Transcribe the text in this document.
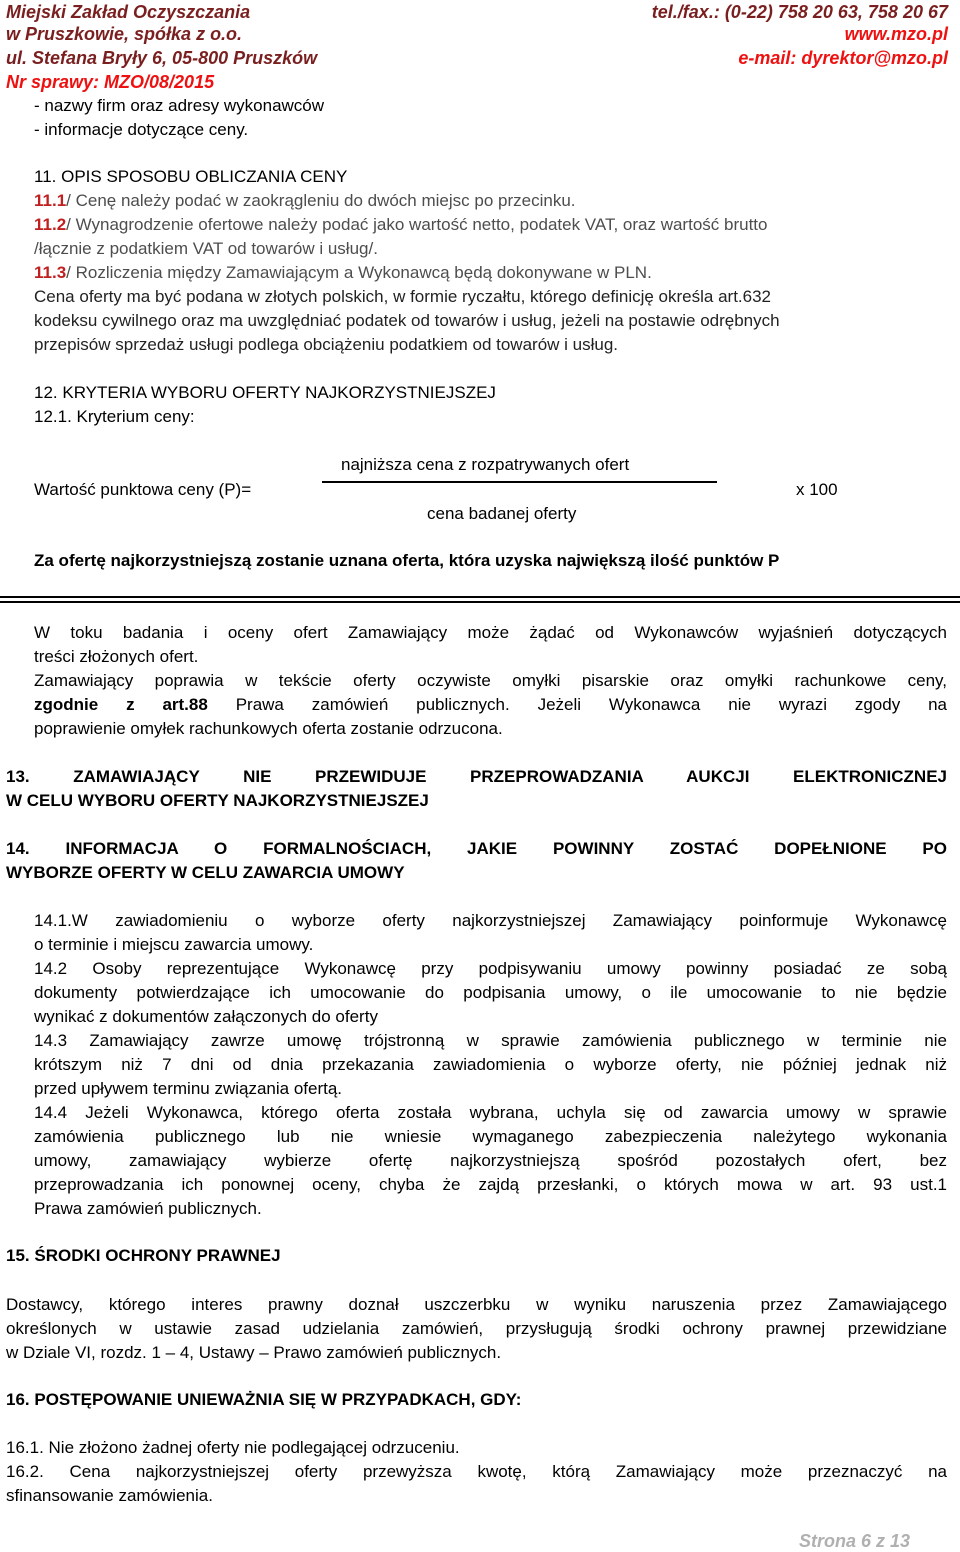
Miejski Zakład Oczyszczania
w Pruszkowie, spółka z o.o.
ul. Stefana Bryły 6, 05-800 Pruszków
Nr sprawy: MZO/08/2015
tel./fax.: (0-22) 758 20 63, 758 20 67
www.mzo.pl
e-mail: dyrektor@mzo.pl
- nazwy firm oraz adresy wykonawców
- informacje dotyczące ceny.
11. OPIS SPOSOBU OBLICZANIA CENY
11.1/ Cenę należy podać w zaokrągleniu do dwóch miejsc po przecinku.
11.2/ Wynagrodzenie ofertowe należy podać jako wartość netto, podatek VAT, oraz wartość brutto
/łącznie z podatkiem VAT od towarów i usług/.
11.3/ Rozliczenia między Zamawiającym a Wykonawcą będą dokonywane w PLN.
Cena oferty ma być podana w złotych polskich, w formie ryczałtu, którego definicję określa art.632
kodeksu cywilnego oraz ma uwzględniać podatek od towarów i usług, jeżeli na postawie odrębnych
przepisów sprzedaż usługi podlega obciążeniu podatkiem od towarów i usług.
12. KRYTERIA WYBORU OFERTY NAJKORZYSTNIEJSZEJ
12.1. Kryterium ceny:
najniższa cena z rozpatrywanych ofert
Wartość punktowa ceny (P)=	x 100
cena badanej oferty
Za ofertę najkorzystniejszą zostanie uznana oferta, która uzyska największą ilość punktów P
W toku badania i oceny ofert Zamawiający może żądać od Wykonawców wyjaśnień dotyczących
treści złożonych ofert.
Zamawiający poprawia w tekście oferty oczywiste omyłki pisarskie oraz omyłki rachunkowe ceny,
zgodnie z art.88 Prawa zamówień publicznych. Jeżeli Wykonawca nie wyrazi zgody na
poprawienie omyłek rachunkowych oferta zostanie odrzucona.
13. ZAMAWIAJĄCY NIE PRZEWIDUJE PRZEPROWADZANIA AUKCJI ELEKTRONICZNEJ
W CELU WYBORU OFERTY NAJKORZYSTNIEJSZEJ
14. INFORMACJA O FORMALNOŚCIACH, JAKIE POWINNY ZOSTAĆ DOPEŁNIONE PO
WYBORZE OFERTY W CELU ZAWARCIA UMOWY
14.1.W zawiadomieniu o wyborze oferty najkorzystniejszej Zamawiający poinformuje Wykonawcę
o terminie i miejscu zawarcia umowy.
14.2 Osoby reprezentujące Wykonawcę przy podpisywaniu umowy powinny posiadać ze sobą
dokumenty potwierdzające ich umocowanie do podpisania umowy, o ile umocowanie to nie będzie
wynikać z dokumentów załączonych do oferty
14.3 Zamawiający zawrze umowę trójstronną w sprawie zamówienia publicznego w terminie nie
krótszym niż 7 dni od dnia przekazania zawiadomienia o wyborze oferty, nie później jednak niż
przed upływem terminu związania ofertą.
14.4 Jeżeli Wykonawca, którego oferta została wybrana, uchyla się od zawarcia umowy w sprawie
zamówienia publicznego lub nie wniesie wymaganego zabezpieczenia należytego wykonania
umowy, zamawiający wybierze ofertę najkorzystniejszą spośród pozostałych ofert, bez
przeprowadzania ich ponownej oceny, chyba że zajdą przesłanki, o których mowa w art. 93 ust.1
Prawa zamówień publicznych.
15. ŚRODKI OCHRONY PRAWNEJ
Dostawcy, którego interes prawny doznał uszczerbku w wyniku naruszenia przez Zamawiającego
określonych w ustawie zasad udzielania zamówień, przysługują środki ochrony prawnej przewidziane
w Dziale VI, rozdz. 1 – 4, Ustawy – Prawo zamówień publicznych.
16. POSTĘPOWANIE UNIEWAŻNIA SIĘ W PRZYPADKACH, GDY:
16.1. Nie złożono żadnej oferty nie podlegającej odrzuceniu.
16.2. Cena najkorzystniejszej oferty przewyższa kwotę, którą Zamawiający może przeznaczyć na
sfinansowanie zamówienia.
Strona 6 z 13
